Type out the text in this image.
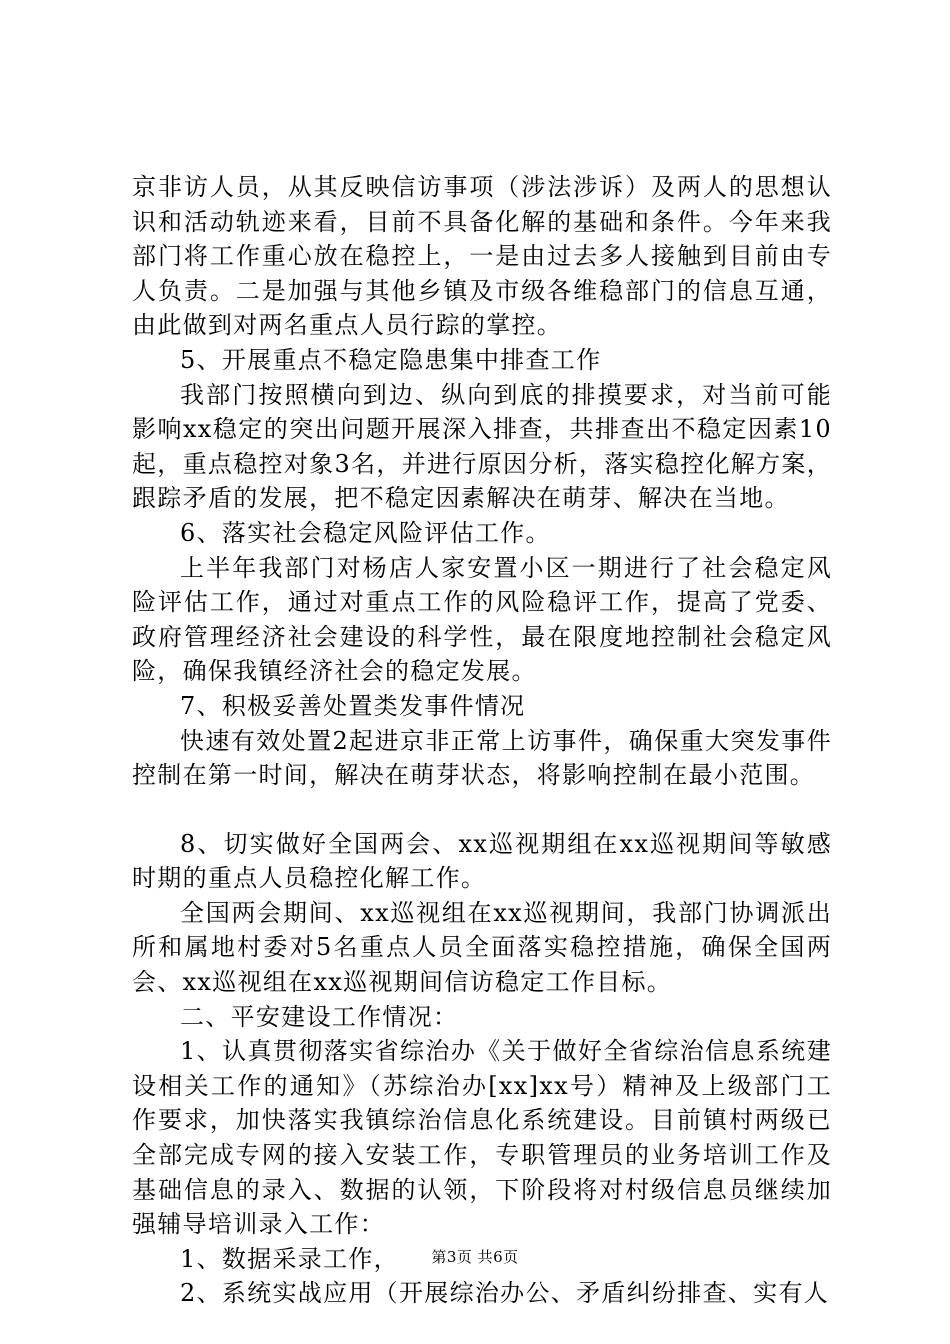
京非访人员，从其反映信访事项（涉法涉诉）及两人的思想认识和活动轨迹来看，目前不具备化解的基础和条件。今年来我部门将工作重心放在稳控上，一是由过去多人接触到目前由专人负责。二是加强与其他乡镇及市级各维稳部门的信息互通，由此做到对两名重点人员行踪的掌控。

5、开展重点不稳定隐患集中排查工作

我部门按照横向到边、纵向到底的排摸要求，对当前可能影响xx稳定的突出问题开展深入排查，共排查出不稳定因素10起，重点稳控对象3名，并进行原因分析，落实稳控化解方案，跟踪矛盾的发展，把不稳定因素解决在萌芽、解决在当地。

6、落实社会稳定风险评估工作。

上半年我部门对杨店人家安置小区一期进行了社会稳定风险评估工作，通过对重点工作的风险稳评工作，提高了党委、政府管理经济社会建设的科学性，最在限度地控制社会稳定风险，确保我镇经济社会的稳定发展。

7、积极妥善处置类发事件情况

快速有效处置2起进京非正常上访事件，确保重大突发事件控制在第一时间，解决在萌芽状态，将影响控制在最小范围。

8、切实做好全国两会、xx巡视期组在xx巡视期间等敏感时期的重点人员稳控化解工作。

全国两会期间、xx巡视组在xx巡视期间，我部门协调派出所和属地村委对5名重点人员全面落实稳控措施，确保全国两会、xx巡视组在xx巡视期间信访稳定工作目标。

二、平安建设工作情况：

1、认真贯彻落实省综治办《关于做好全省综治信息系统建设相关工作的通知》（苏综治办[xx]xx号）精神及上级部门工作要求，加快落实我镇综治信息化系统建设。目前镇村两级已全部完成专网的接入安装工作，专职管理员的业务培训工作及基础信息的录入、数据的认领，下阶段将对村级信息员继续加强辅导培训录入工作：

1、数据采录工作，

2、系统实战应用（开展综治办公、矛盾纠纷排查、实有人

第3页 共6页
